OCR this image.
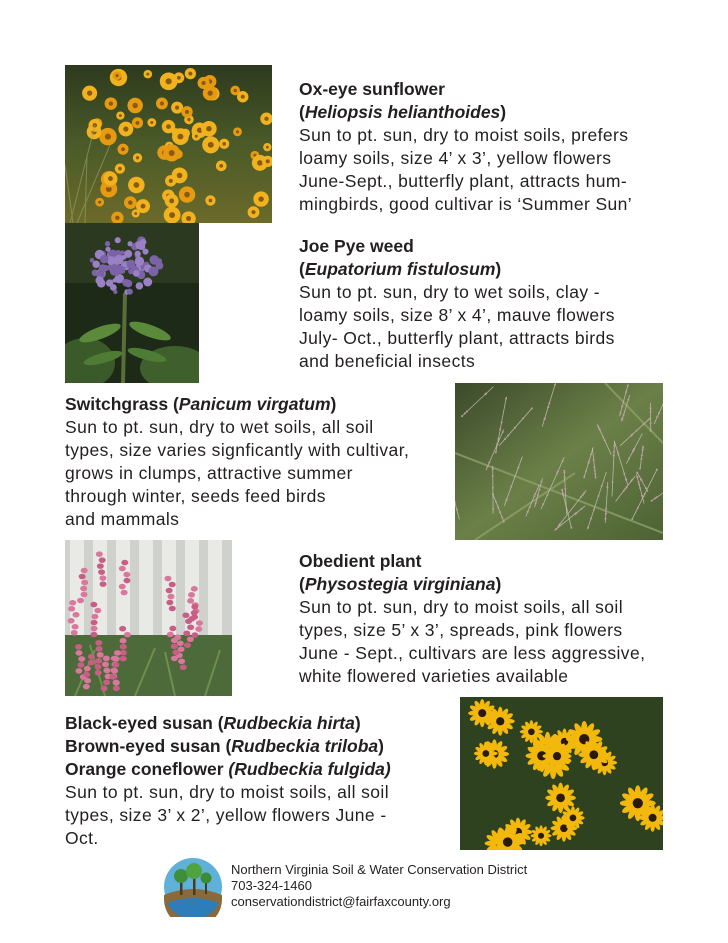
Ox-eye sunflower
(Heliopsis helianthoides)
Sun to pt. sun, dry to moist soils, prefers
loamy soils, size 4’ x 3’, yellow flowers
June-Sept., butterfly plant, attracts hum-
mingbirds, good cultivar is ‘Summer Sun’
Joe Pye weed
(Eupatorium fistulosum)
Sun to pt. sun, dry to wet soils, clay -
loamy soils, size 8’ x 4’, mauve flowers
July- Oct., butterfly plant, attracts birds
and beneficial insects
Switchgrass (Panicum virgatum)
Sun to pt. sun, dry to wet soils, all soil
types, size varies signficantly with cultivar,
grows in clumps, attractive summer
through winter, seeds feed birds
and mammals
Obedient plant
(Physostegia virginiana)
Sun to pt. sun, dry to moist soils, all soil
types, size 5’ x 3’, spreads, pink flowers
June - Sept., cultivars are less aggressive,
white flowered varieties available
Black-eyed susan (Rudbeckia hirta)
Brown-eyed susan (Rudbeckia triloba)
Orange coneflower (Rudbeckia fulgida)
Sun to pt. sun, dry to moist soils, all soil
types, size 3’ x 2’, yellow flowers June -
Oct.
Northern Virginia Soil & Water Conservation District
703-324-1460
conservationdistrict@fairfaxcounty.org
